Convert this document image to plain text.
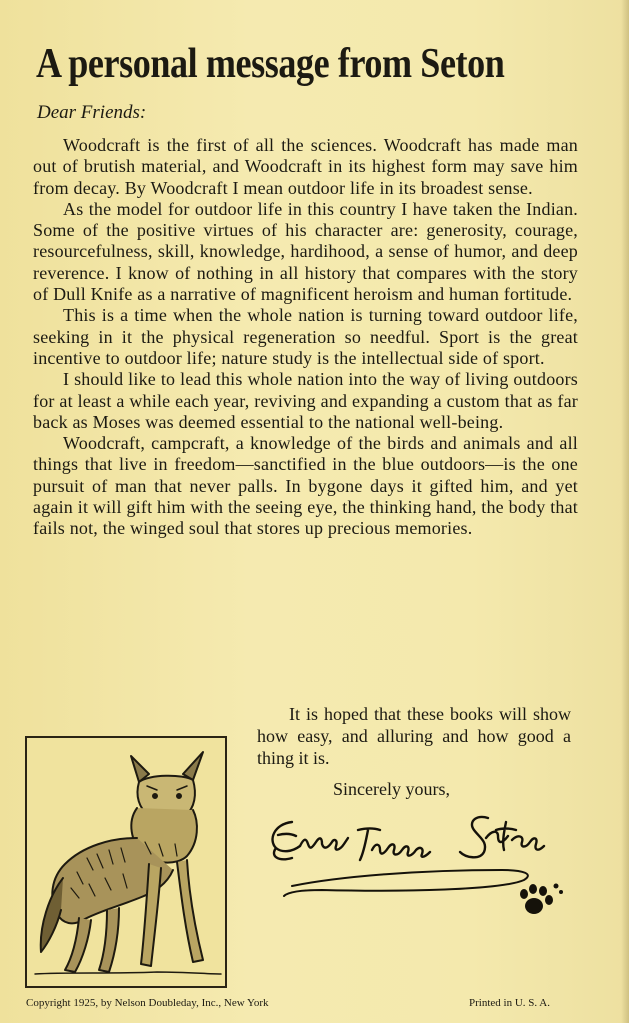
A personal message from Seton
Dear Friends:

Woodcraft is the first of all the sciences. Woodcraft has made man out of brutish material, and Woodcraft in its highest form may save him from decay. By Woodcraft I mean outdoor life in its broadest sense.

As the model for outdoor life in this country I have taken the Indian. Some of the positive virtues of his character are: generosity, courage, resourcefulness, skill, knowledge, hardihood, a sense of humor, and deep reverence. I know of nothing in all history that compares with the story of Dull Knife as a narrative of magnificent heroism and human fortitude.

This is a time when the whole nation is turning toward outdoor life, seeking in it the physical regeneration so needful. Sport is the great incentive to outdoor life; nature study is the intellectual side of sport.

I should like to lead this whole nation into the way of living outdoors for at least a while each year, reviving and expanding a custom that as far back as Moses was deemed essential to the national well-being.

Woodcraft, campcraft, a knowledge of the birds and animals and all things that live in freedom—sanctified in the blue outdoors—is the one pursuit of man that never palls. In bygone days it gifted him, and yet again it will gift him with the seeing eye, the thinking hand, the body that fails not, the winged soul that stores up precious memories.

It is hoped that these books will show how easy, and alluring and how good a thing it is.

Sincerely yours,
Copyright 1925, by Nelson Doubleday, Inc., New York	Printed in U. S. A.
